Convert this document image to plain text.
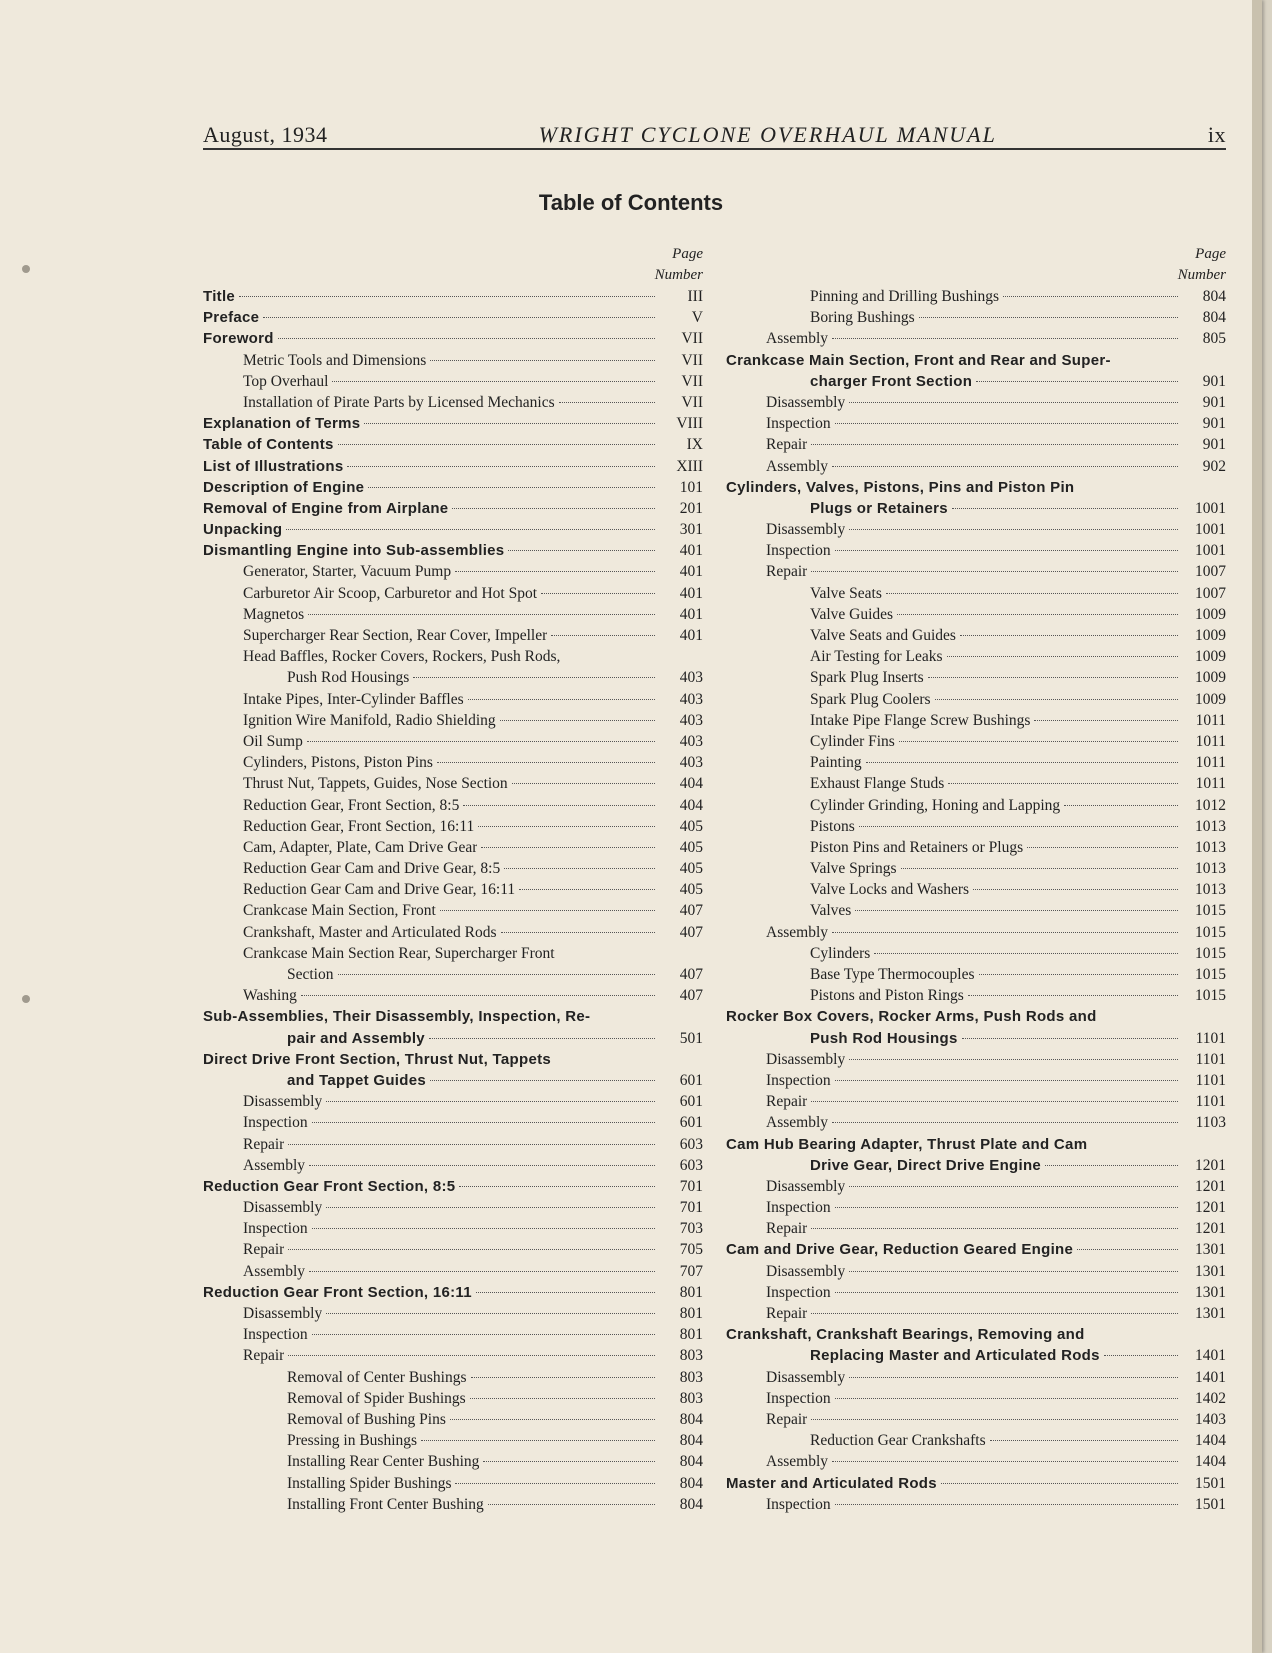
August, 1934	WRIGHT CYCLONE OVERHAUL MANUAL	ix
Table of Contents
Page
Number
Title	III
Preface	V
Foreword	VII
Metric Tools and Dimensions	VII
Top Overhaul	VII
Installation of Pirate Parts by Licensed Mechanics	VII
Explanation of Terms	VIII
Table of Contents	IX
List of Illustrations	XIII
Description of Engine	101
Removal of Engine from Airplane	201
Unpacking	301
Dismantling Engine into Sub-assemblies	401
Generator, Starter, Vacuum Pump	401
Carburetor Air Scoop, Carburetor and Hot Spot	401
Magnetos	401
Supercharger Rear Section, Rear Cover, Impeller	401
Head Baffles, Rocker Covers, Rockers, Push Rods,
Push Rod Housings	403
Intake Pipes, Inter-Cylinder Baffles	403
Ignition Wire Manifold, Radio Shielding	403
Oil Sump	403
Cylinders, Pistons, Piston Pins	403
Thrust Nut, Tappets, Guides, Nose Section	404
Reduction Gear, Front Section, 8:5	404
Reduction Gear, Front Section, 16:11	405
Cam, Adapter, Plate, Cam Drive Gear	405
Reduction Gear Cam and Drive Gear, 8:5	405
Reduction Gear Cam and Drive Gear, 16:11	405
Crankcase Main Section, Front	407
Crankshaft, Master and Articulated Rods	407
Crankcase Main Section Rear, Supercharger Front
Section	407
Washing	407
Sub-Assemblies, Their Disassembly, Inspection, Re-
pair and Assembly	501
Direct Drive Front Section, Thrust Nut, Tappets
and Tappet Guides	601
Disassembly	601
Inspection	601
Repair	603
Assembly	603
Reduction Gear Front Section, 8:5	701
Disassembly	701
Inspection	703
Repair	705
Assembly	707
Reduction Gear Front Section, 16:11	801
Disassembly	801
Inspection	801
Repair	803
Removal of Center Bushings	803
Removal of Spider Bushings	803
Removal of Bushing Pins	804
Pressing in Bushings	804
Installing Rear Center Bushing	804
Installing Spider Bushings	804
Installing Front Center Bushing	804
Page
Number
Pinning and Drilling Bushings	804
Boring Bushings	804
Assembly	805
Crankcase Main Section, Front and Rear and Super-
charger Front Section	901
Disassembly	901
Inspection	901
Repair	901
Assembly	902
Cylinders, Valves, Pistons, Pins and Piston Pin
Plugs or Retainers	1001
Disassembly	1001
Inspection	1001
Repair	1007
Valve Seats	1007
Valve Guides	1009
Valve Seats and Guides	1009
Air Testing for Leaks	1009
Spark Plug Inserts	1009
Spark Plug Coolers	1009
Intake Pipe Flange Screw Bushings	1011
Cylinder Fins	1011
Painting	1011
Exhaust Flange Studs	1011
Cylinder Grinding, Honing and Lapping	1012
Pistons	1013
Piston Pins and Retainers or Plugs	1013
Valve Springs	1013
Valve Locks and Washers	1013
Valves	1015
Assembly	1015
Cylinders	1015
Base Type Thermocouples	1015
Pistons and Piston Rings	1015
Rocker Box Covers, Rocker Arms, Push Rods and
Push Rod Housings	1101
Disassembly	1101
Inspection	1101
Repair	1101
Assembly	1103
Cam Hub Bearing Adapter, Thrust Plate and Cam
Drive Gear, Direct Drive Engine	1201
Disassembly	1201
Inspection	1201
Repair	1201
Cam and Drive Gear, Reduction Geared Engine	1301
Disassembly	1301
Inspection	1301
Repair	1301
Crankshaft, Crankshaft Bearings, Removing and
Replacing Master and Articulated Rods	1401
Disassembly	1401
Inspection	1402
Repair	1403
Reduction Gear Crankshafts	1404
Assembly	1404
Master and Articulated Rods	1501
Inspection	1501
